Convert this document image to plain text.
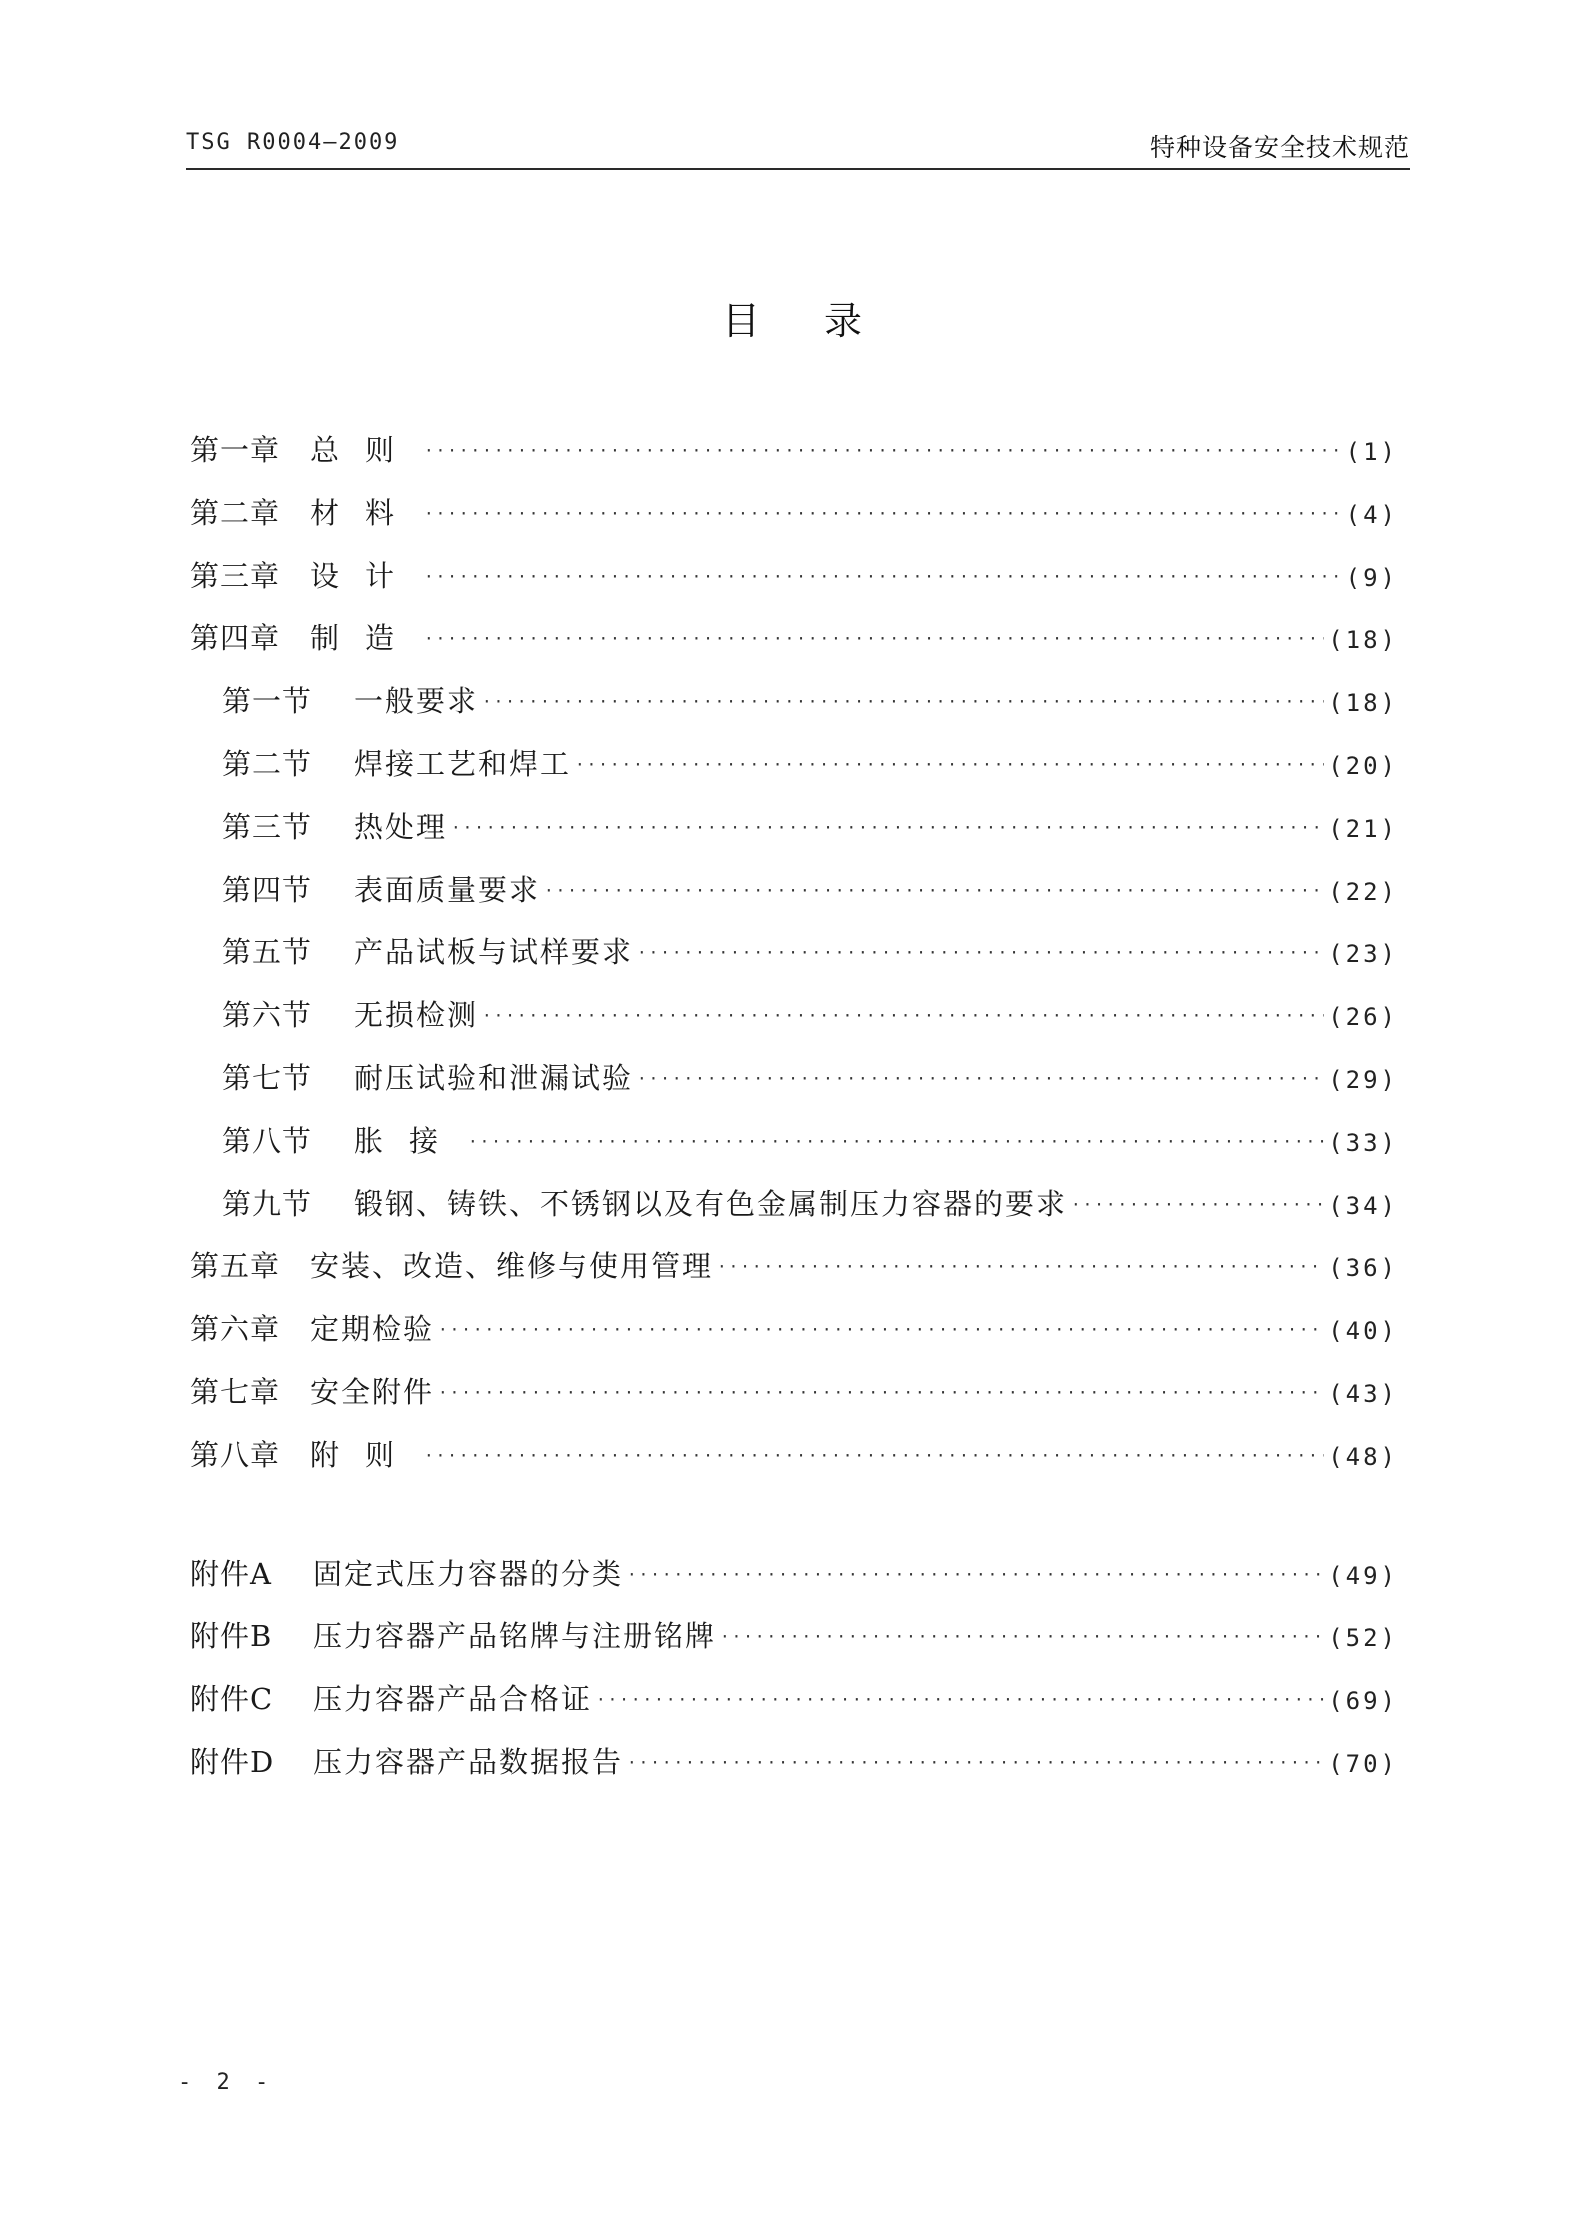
TSG R0004—2009	特种设备安全技术规范
目录
第一章	总则 ·····	(1)
第二章	材料 ·····	(4)
第三章	设计 ·····	(9)
第四章	制造 ·····	(18)
第一节	一般要求 ·····	(18)
第二节	焊接工艺和焊工 ·····	(20)
第三节	热处理 ·····	(21)
第四节	表面质量要求 ·····	(22)
第五节	产品试板与试样要求 ·····	(23)
第六节	无损检测 ·····	(26)
第七节	耐压试验和泄漏试验 ·····	(29)
第八节	胀接 ·····	(33)
第九节	锻钢、铸铁、不锈钢以及有色金属制压力容器的要求 ·····	(34)
第五章	安装、改造、维修与使用管理 ·····	(36)
第六章	定期检验 ·····	(40)
第七章	安全附件 ·····	(43)
第八章	附则 ·····	(48)
附件A	固定式压力容器的分类 ·····	(49)
附件B	压力容器产品铭牌与注册铭牌 ·····	(52)
附件C	压力容器产品合格证 ·····	(69)
附件D	压力容器产品数据报告 ·····	(70)
- 2 -
